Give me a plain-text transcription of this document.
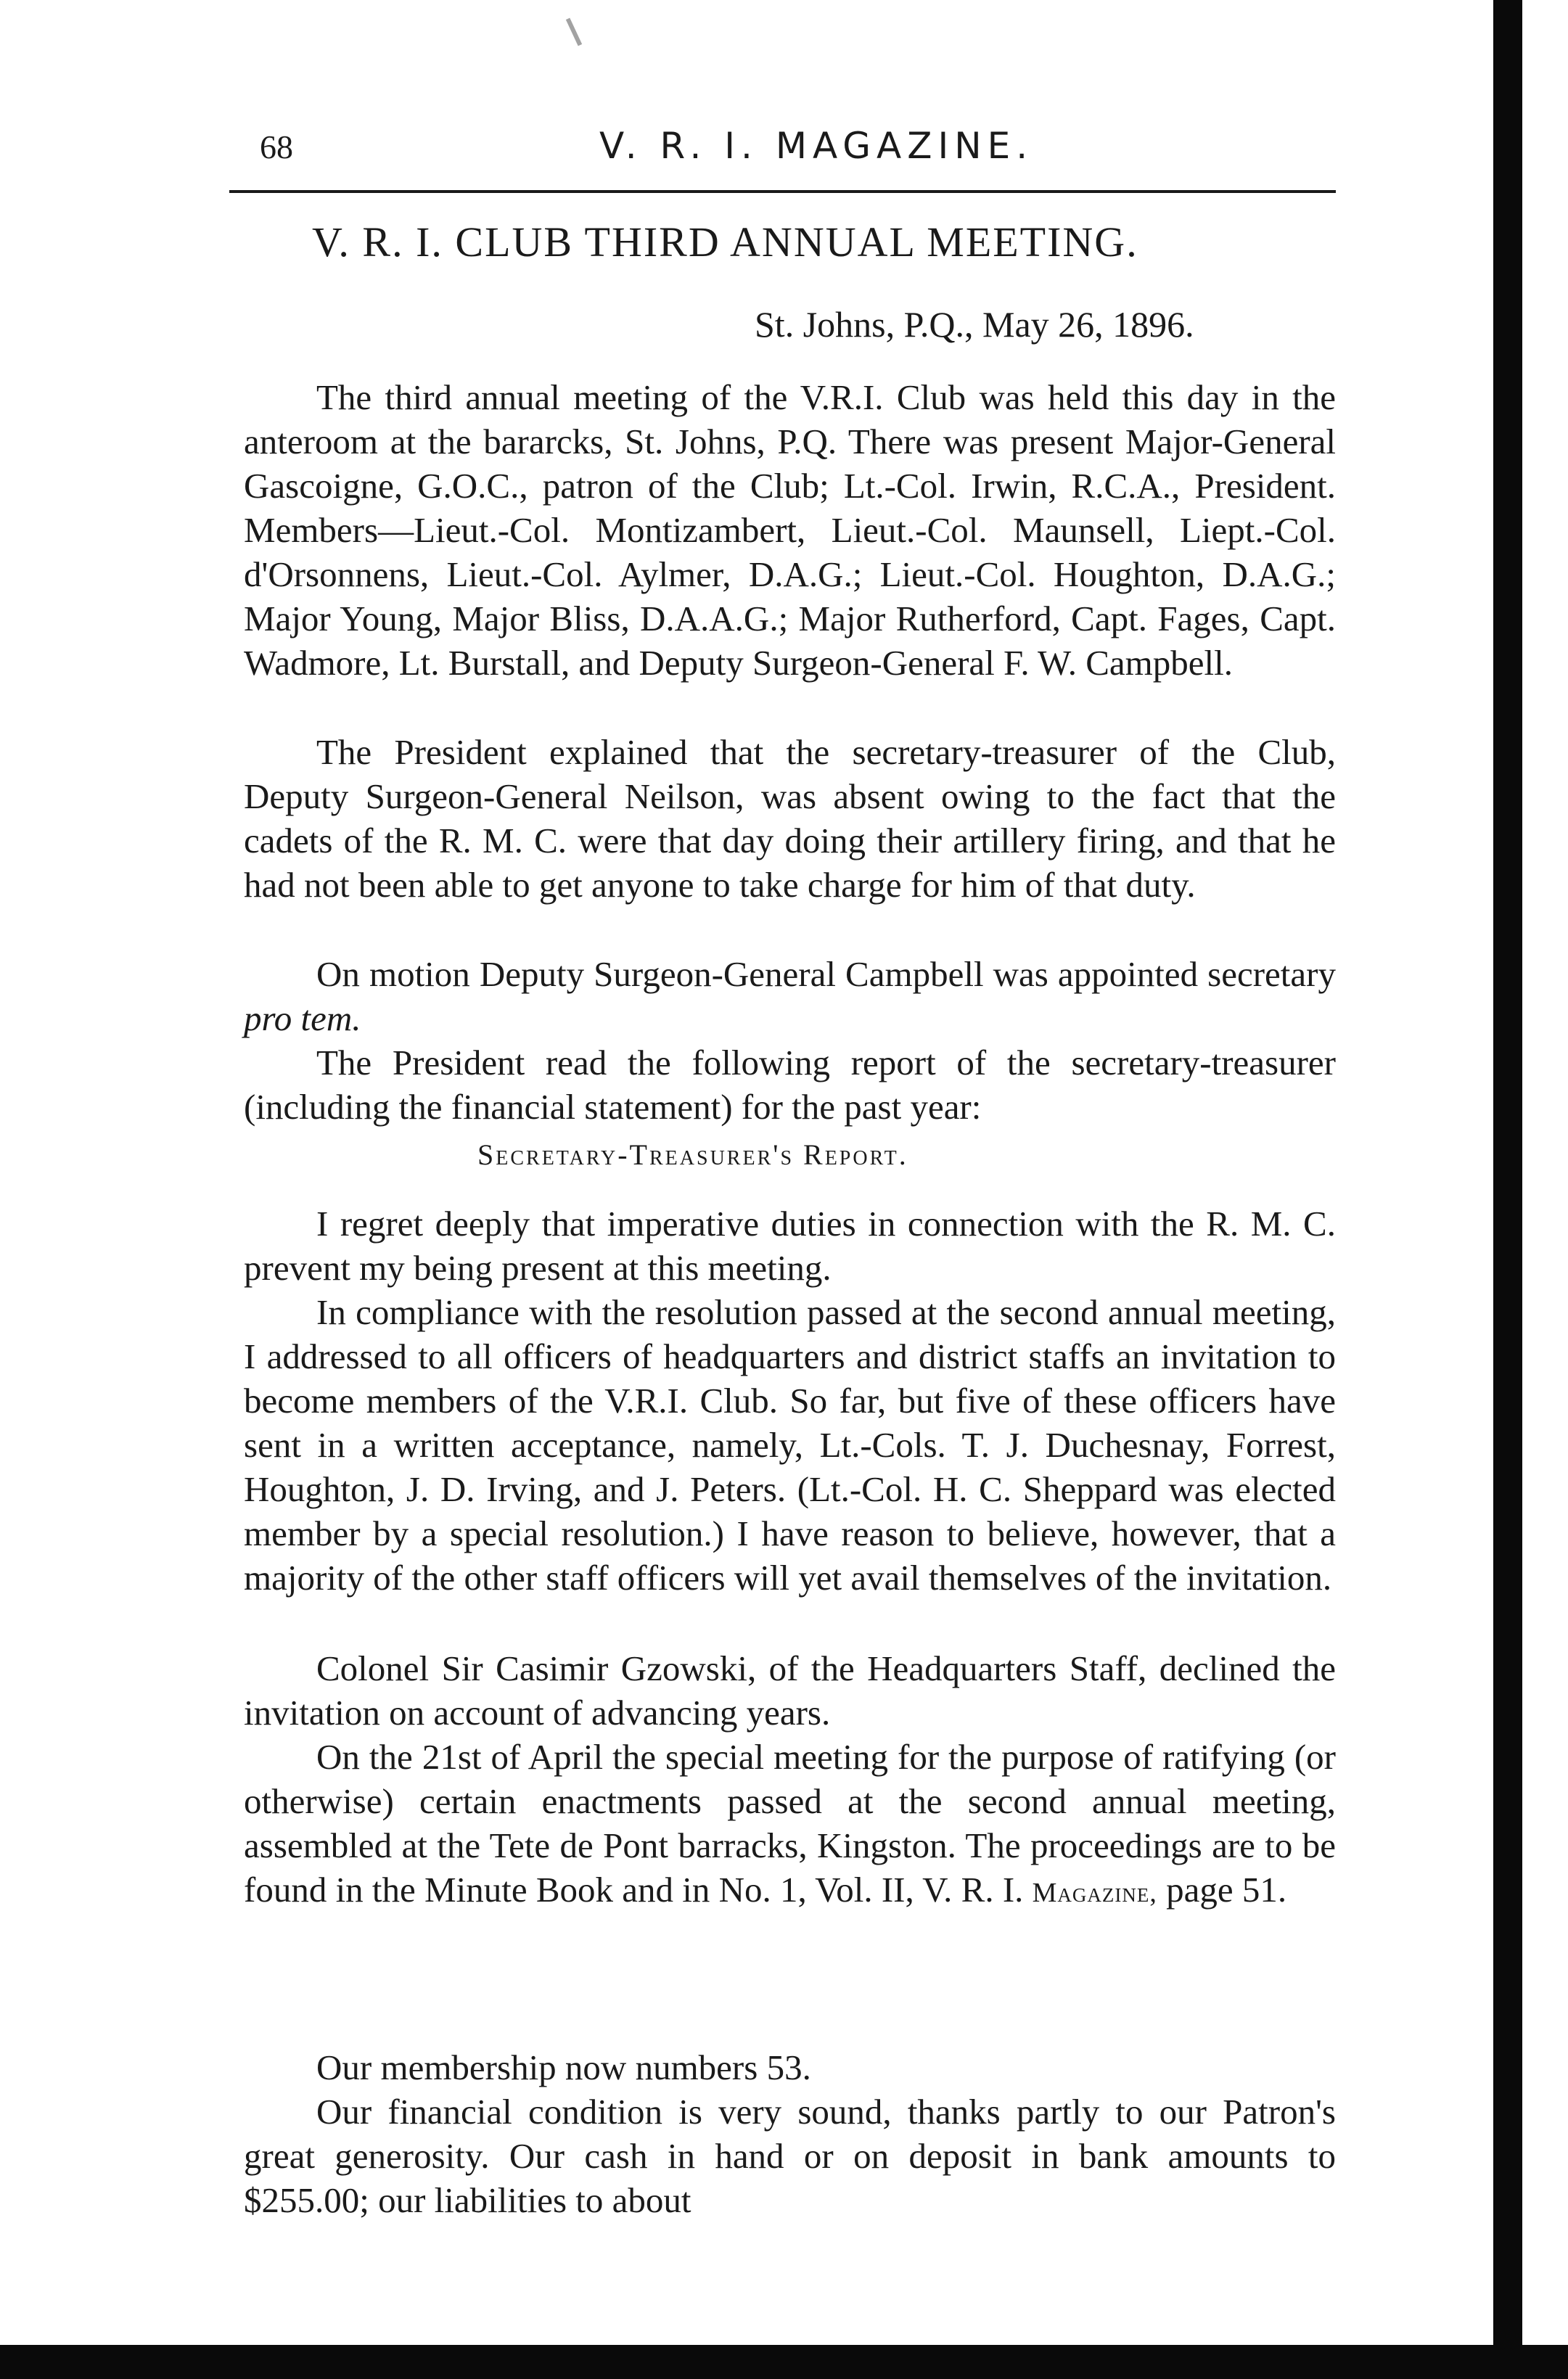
68	V. R. I. MAGAZINE.
V. R. I. CLUB THIRD ANNUAL MEETING.
St. Johns, P.Q., May 26, 1896.

The third annual meeting of the V.R.I. Club was held this day in the anteroom at the bararcks, St. Johns, P.Q. There was present Major-General Gascoigne, G.O.C., patron of the Club; Lt.-Col. Irwin, R.C.A., President. Members—Lieut.-Col. Montizambert, Lieut.-Col. Maunsell, Liept.-Col. d'Orsonnens, Lieut.-Col. Aylmer, D.A.G.; Lieut.-Col. Houghton, D.A.G.; Major Young, Major Bliss, D.A.A.G.; Major Rutherford, Capt. Fages, Capt. Wadmore, Lt. Burstall, and Deputy Surgeon-General F. W. Campbell.

The President explained that the secretary-treasurer of the Club, Deputy Surgeon-General Neilson, was absent owing to the fact that the cadets of the R. M. C. were that day doing their artillery firing, and that he had not been able to get anyone to take charge for him of that duty.

On motion Deputy Surgeon-General Campbell was appointed secretary pro tem.

The President read the following report of the secretary-treasurer (including the financial statement) for the past year:

Secretary-Treasurer's Report.

I regret deeply that imperative duties in connection with the R. M. C. prevent my being present at this meeting.

In compliance with the resolution passed at the second annual meeting, I addressed to all officers of headquarters and district staffs an invitation to become members of the V.R.I. Club. So far, but five of these officers have sent in a written acceptance, namely, Lt.-Cols. T. J. Duchesnay, Forrest, Houghton, J. D. Irving, and J. Peters. (Lt.-Col. H. C. Sheppard was elected member by a special resolution.) I have reason to believe, however, that a majority of the other staff officers will yet avail themselves of the invitation.

Colonel Sir Casimir Gzowski, of the Headquarters Staff, declined the invitation on account of advancing years.

On the 21st of April the special meeting for the purpose of ratifying (or otherwise) certain enactments passed at the second annual meeting, assembled at the Tete de Pont barracks, Kingston. The proceedings are to be found in the Minute Book and in No. 1, Vol. II, V. R. I. Magazine, page 51.

Our membership now numbers 53.

Our financial condition is very sound, thanks partly to our Patron's great generosity. Our cash in hand or on deposit in bank amounts to $255.00; our liabilities to about
